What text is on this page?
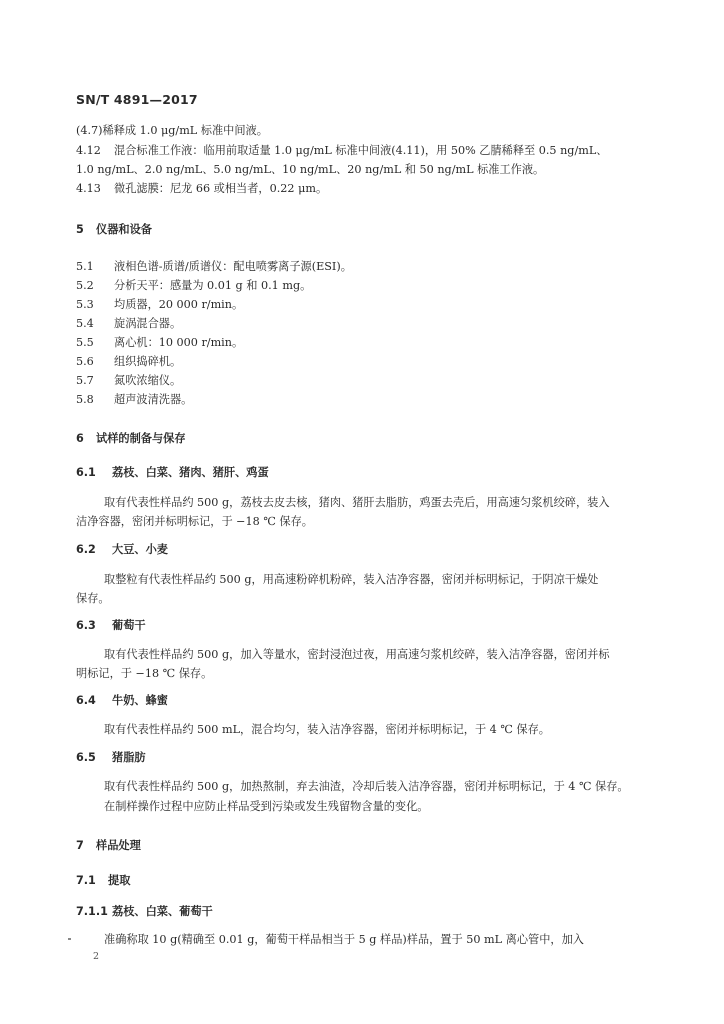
SN/T 4891—2017
(4.7)稀释成 1.0 μg/mL 标准中间液。
4.12 混合标准工作液：临用前取适量 1.0 μg/mL 标准中间液(4.11)，用 50% 乙腈稀释至 0.5 ng/mL、
1.0 ng/mL、2.0 ng/mL、5.0 ng/mL、10 ng/mL、20 ng/mL 和 50 ng/mL 标准工作液。
4.13 微孔滤膜：尼龙 66 或相当者，0.22 μm。
5 仪器和设备
5.1 液相色谱-质谱/质谱仪：配电喷雾离子源(ESI)。
5.2 分析天平：感量为 0.01 g 和 0.1 mg。
5.3 均质器，20 000 r/min。
5.4 旋涡混合器。
5.5 离心机：10 000 r/min。
5.6 组织捣碎机。
5.7 氮吹浓缩仪。
5.8 超声波清洗器。
6 试样的制备与保存
6.1 荔枝、白菜、猪肉、猪肝、鸡蛋
取有代表性样品约 500 g，荔枝去皮去核，猪肉、猪肝去脂肪，鸡蛋去壳后，用高速匀浆机绞碎，装入
洁净容器，密闭并标明标记，于 −18 ℃ 保存。
6.2 大豆、小麦
取整粒有代表性样品约 500 g，用高速粉碎机粉碎，装入洁净容器，密闭并标明标记，于阴凉干燥处
保存。
6.3 葡萄干
取有代表性样品约 500 g，加入等量水，密封浸泡过夜，用高速匀浆机绞碎，装入洁净容器，密闭并标
明标记，于 −18 ℃ 保存。
6.4 牛奶、蜂蜜
取有代表性样品约 500 mL，混合均匀，装入洁净容器，密闭并标明标记，于 4 ℃ 保存。
6.5 猪脂肪
取有代表性样品约 500 g，加热熬制，弃去油渣，冷却后装入洁净容器，密闭并标明标记，于 4 ℃ 保存。
在制样操作过程中应防止样品受到污染或发生残留物含量的变化。
7 样品处理
7.1 提取
7.1.1 荔枝、白菜、葡萄干
准确称取 10 g(精确至 0.01 g，葡萄干样品相当于 5 g 样品)样品，置于 50 mL 离心管中，加入
2
